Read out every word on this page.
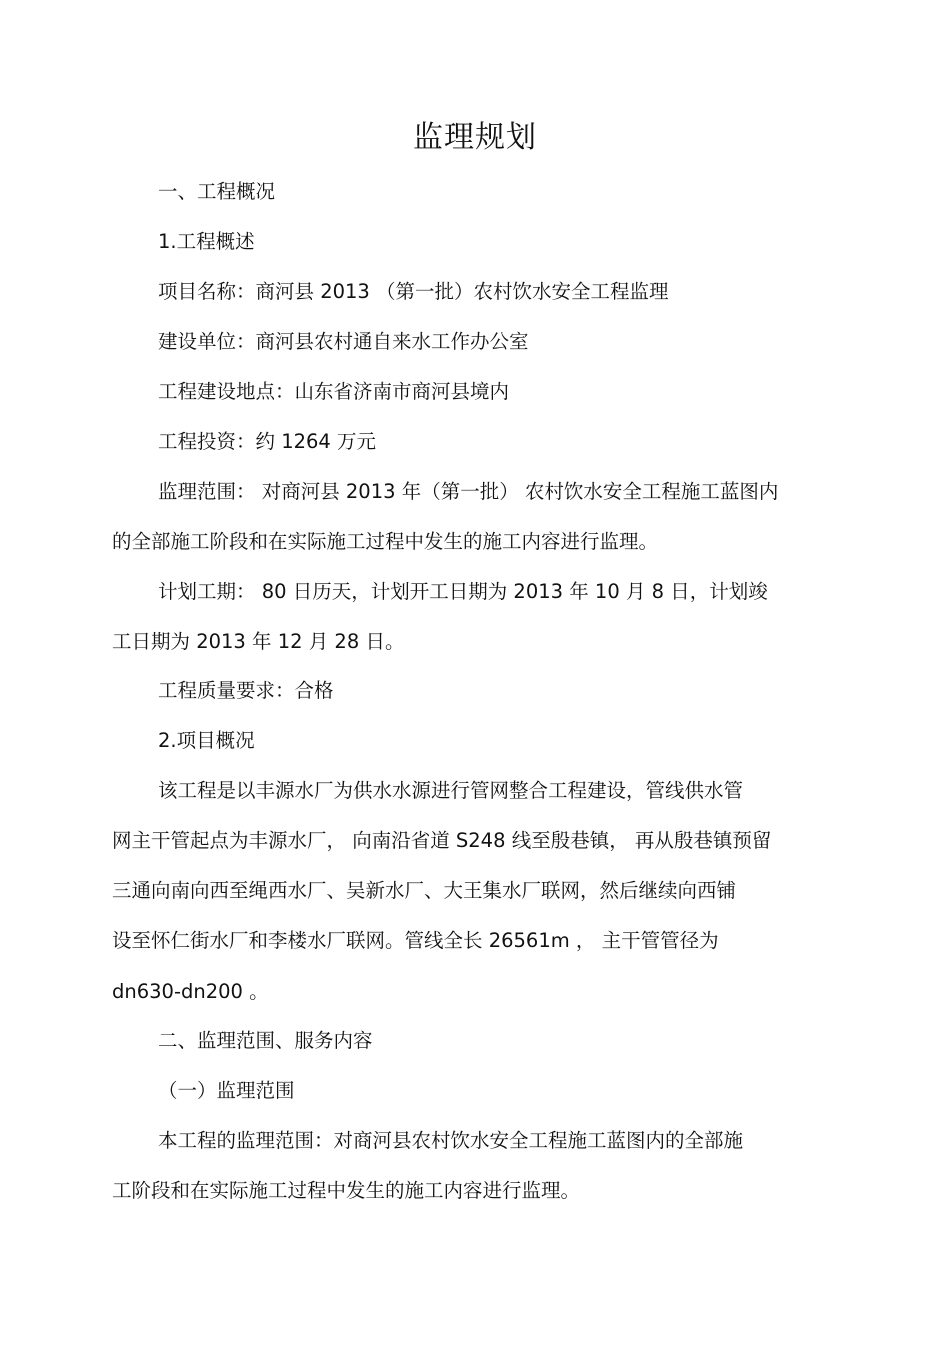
监理规划
一、工程概况
1.工程概述
项目名称：商河县 2013 （第一批）农村饮水安全工程监理
建设单位：商河县农村通自来水工作办公室
工程建设地点：山东省济南市商河县境内
工程投资：约 1264 万元
监理范围： 对商河县 2013 年（第一批） 农村饮水安全工程施工蓝图内
的全部施工阶段和在实际施工过程中发生的施工内容进行监理。
计划工期： 80 日历天，计划开工日期为 2013 年 10 月 8 日，计划竣
工日期为 2013 年 12 月 28 日。
工程质量要求：合格
2.项目概况
该工程是以丰源水厂为供水水源进行管网整合工程建设，管线供水管
网主干管起点为丰源水厂， 向南沿省道 S248 线至殷巷镇， 再从殷巷镇预留
三通向南向西至绳西水厂、吴新水厂、大王集水厂联网，然后继续向西铺
设至怀仁街水厂和李楼水厂联网。管线全长 26561m ， 主干管管径为
dn630-dn200 。
二、监理范围、服务内容
（一）监理范围
本工程的监理范围：对商河县农村饮水安全工程施工蓝图内的全部施
工阶段和在实际施工过程中发生的施工内容进行监理。
